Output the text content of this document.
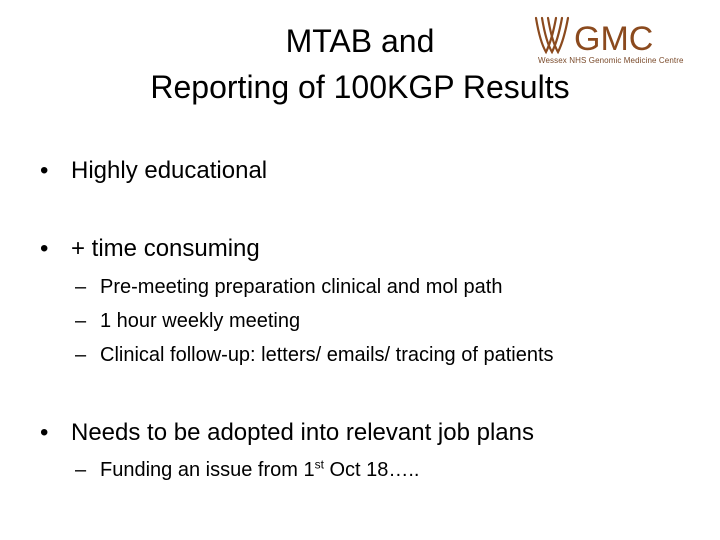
MTAB and
Reporting of 100KGP Results
GMC
Wessex NHS Genomic Medicine Centre
• Highly educational
• + time consuming
– Pre-meeting preparation clinical and mol path
– 1 hour weekly meeting
– Clinical follow-up: letters/ emails/ tracing of patients
• Needs to be adopted into relevant job plans
– Funding an issue from 1st Oct 18…..
